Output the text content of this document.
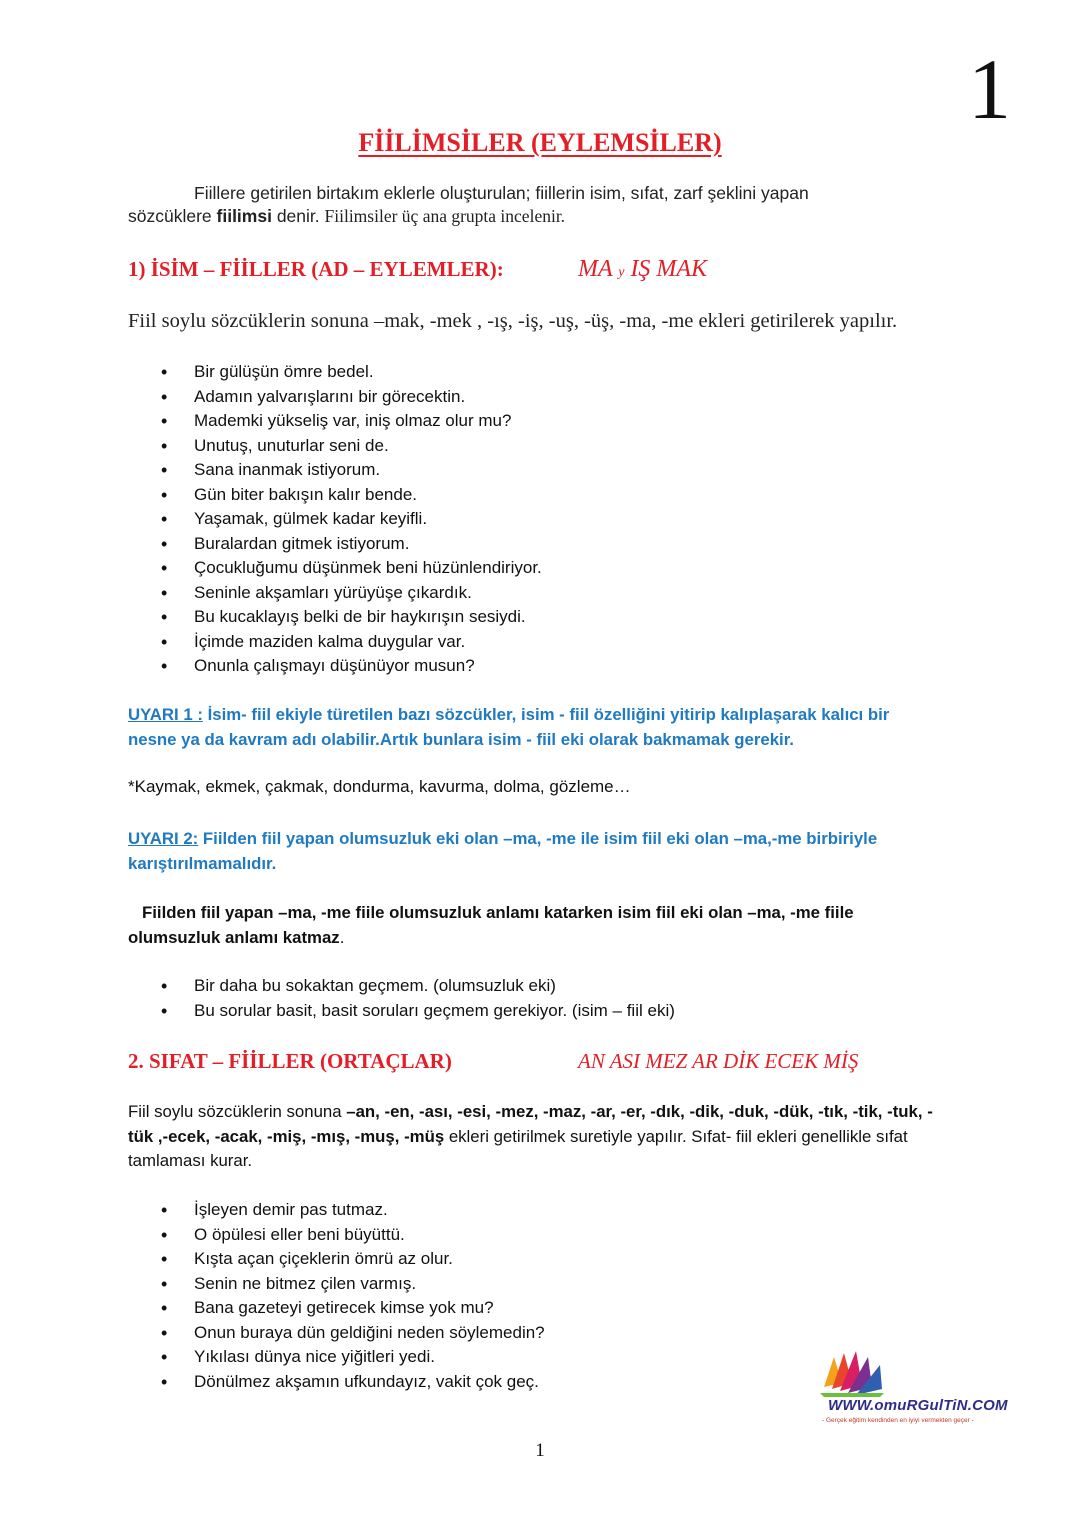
1
FİİLİMSİLER (EYLEMSİLER)
Fiillere getirilen birtakım eklerle oluşturulan; fiillerin isim, sıfat, zarf şeklini yapan
sözcüklere fiilimsi denir. Fiilimsiler üç ana grupta incelenir.
1) İSİM – FİİLLER (AD – EYLEMLER):	MA y IŞ MAK
Fiil soylu sözcüklerin sonuna –mak, -mek , -ış, -iş, -uş, -üş, -ma, -me ekleri getirilerek yapılır.
• Bir gülüşün ömre bedel.
• Adamın yalvarışlarını bir görecektin.
• Mademki yükseliş var, iniş olmaz olur mu?
• Unutuş, unuturlar seni de.
• Sana inanmak istiyorum.
• Gün biter bakışın kalır bende.
• Yaşamak, gülmek kadar keyifli.
• Buralardan gitmek istiyorum.
• Çocukluğumu düşünmek beni hüzünlendiriyor.
• Seninle akşamları yürüyüşe çıkardık.
• Bu kucaklayış belki de bir haykırışın sesiydi.
• İçimde maziden kalma duygular var.
• Onunla çalışmayı düşünüyor musun?
UYARI 1 : İsim- fiil ekiyle türetilen bazı sözcükler, isim - fiil özelliğini yitirip kalıplaşarak kalıcı bir nesne ya da kavram adı olabilir.Artık bunlara isim - fiil eki olarak bakmamak gerekir.
*Kaymak, ekmek, çakmak, dondurma, kavurma, dolma, gözleme…
UYARI 2: Fiilden fiil yapan olumsuzluk eki olan –ma, -me ile isim fiil eki olan –ma,-me birbiriyle karıştırılmamalıdır.
Fiilden fiil yapan –ma, -me fiile olumsuzluk anlamı katarken isim fiil eki olan –ma, -me fiile olumsuzluk anlamı katmaz.
• Bir daha bu sokaktan geçmem. (olumsuzluk eki)
• Bu sorular basit, basit soruları geçmem gerekiyor. (isim – fiil eki)
2. SIFAT – FİİLLER (ORTAÇLAR)	AN ASI MEZ AR DİK ECEK MİŞ
Fiil soylu sözcüklerin sonuna –an, -en, -ası, -esi, -mez, -maz, -ar, -er, -dık, -dik, -duk, -dük, -tık, -tik, -tuk, -tük ,-ecek, -acak, -miş, -mış, -muş, -müş ekleri getirilmek suretiyle yapılır. Sıfat- fiil ekleri genellikle sıfat tamlaması kurar.
• İşleyen demir pas tutmaz.
• O öpülesi eller beni büyüttü.
• Kışta açan çiçeklerin ömrü az olur.
• Senin ne bitmez çilen varmış.
• Bana gazeteyi getirecek kimse yok mu?
• Onun buraya dün geldiğini neden söylemedin?
• Yıkılası dünya nice yiğitleri yedi.
• Dönülmez akşamın ufkundayız, vakit çok geç.
WWW.omuRGulTiN.COM
- Gerçek eğitim kendinden en iyiyi vermekten geçer -
1
